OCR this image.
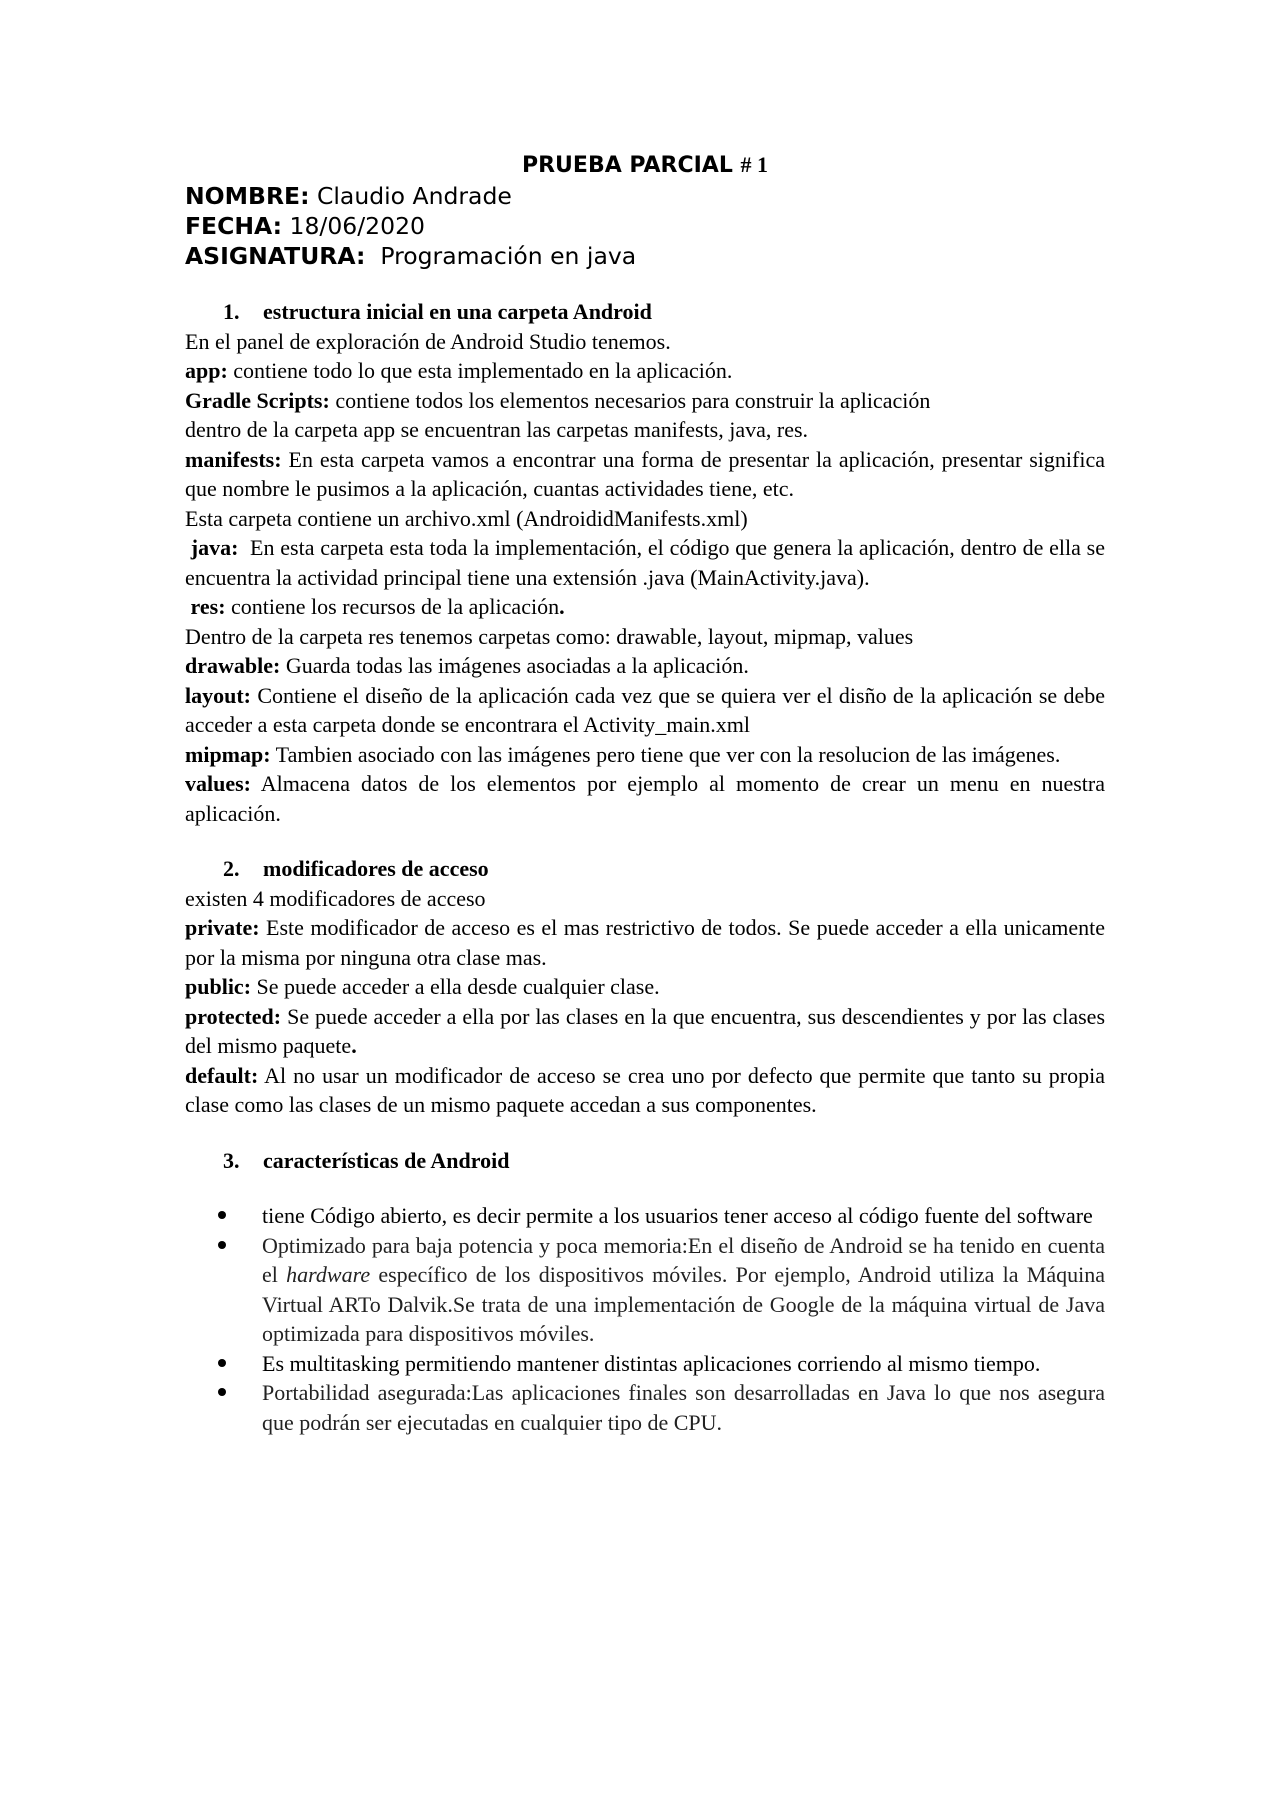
PRUEBA PARCIAL # 1
NOMBRE: Claudio Andrade
FECHA: 18/06/2020
ASIGNATURA: Programación en java

1. estructura inicial en una carpeta Android

En el panel de exploración de Android Studio tenemos.

app: contiene todo lo que esta implementado en la aplicación.

Gradle Scripts: contiene todos los elementos necesarios para construir la aplicación

dentro de la carpeta app se encuentran las carpetas manifests, java, res.

manifests: En esta carpeta vamos a encontrar una forma de presentar la aplicación, presentar significa que nombre le pusimos a la aplicación, cuantas actividades tiene, etc.

Esta carpeta contiene un archivo.xml (AndroididManifests.xml)

java: En esta carpeta esta toda la implementación, el código que genera la aplicación, dentro de ella se encuentra la actividad principal tiene una extensión .java (MainActivity.java).

res: contiene los recursos de la aplicación.

Dentro de la carpeta res tenemos carpetas como: drawable, layout, mipmap, values

drawable: Guarda todas las imágenes asociadas a la aplicación.

layout: Contiene el diseño de la aplicación cada vez que se quiera ver el disño de la aplicación se debe acceder a esta carpeta donde se encontrara el Activity_main.xml

mipmap: Tambien asociado con las imágenes pero tiene que ver con la resolucion de las imágenes.

values: Almacena datos de los elementos por ejemplo al momento de crear un menu en nuestra aplicación.

2. modificadores de acceso

existen 4 modificadores de acceso

private: Este modificador de acceso es el mas restrictivo de todos. Se puede acceder a ella unicamente por la misma por ninguna otra clase mas.

public: Se puede acceder a ella desde cualquier clase.

protected: Se puede acceder a ella por las clases en la que encuentra, sus descendientes y por las clases del mismo paquete.

default: Al no usar un modificador de acceso se crea uno por defecto que permite que tanto su propia clase como las clases de un mismo paquete accedan a sus componentes.

3. características de Android

tiene Código abierto, es decir permite a los usuarios tener acceso al código fuente del software
Optimizado para baja potencia y poca memoria:En el diseño de Android se ha tenido en cuenta el hardware específico de los dispositivos móviles. Por ejemplo, Android utiliza la Máquina Virtual ARTo Dalvik.Se trata de una implementación de Google de la máquina virtual de Java optimizada para dispositivos móviles.
Es multitasking permitiendo mantener distintas aplicaciones corriendo al mismo tiempo.
Portabilidad asegurada:Las aplicaciones finales son desarrolladas en Java lo que nos asegura que podrán ser ejecutadas en cualquier tipo de CPU.
